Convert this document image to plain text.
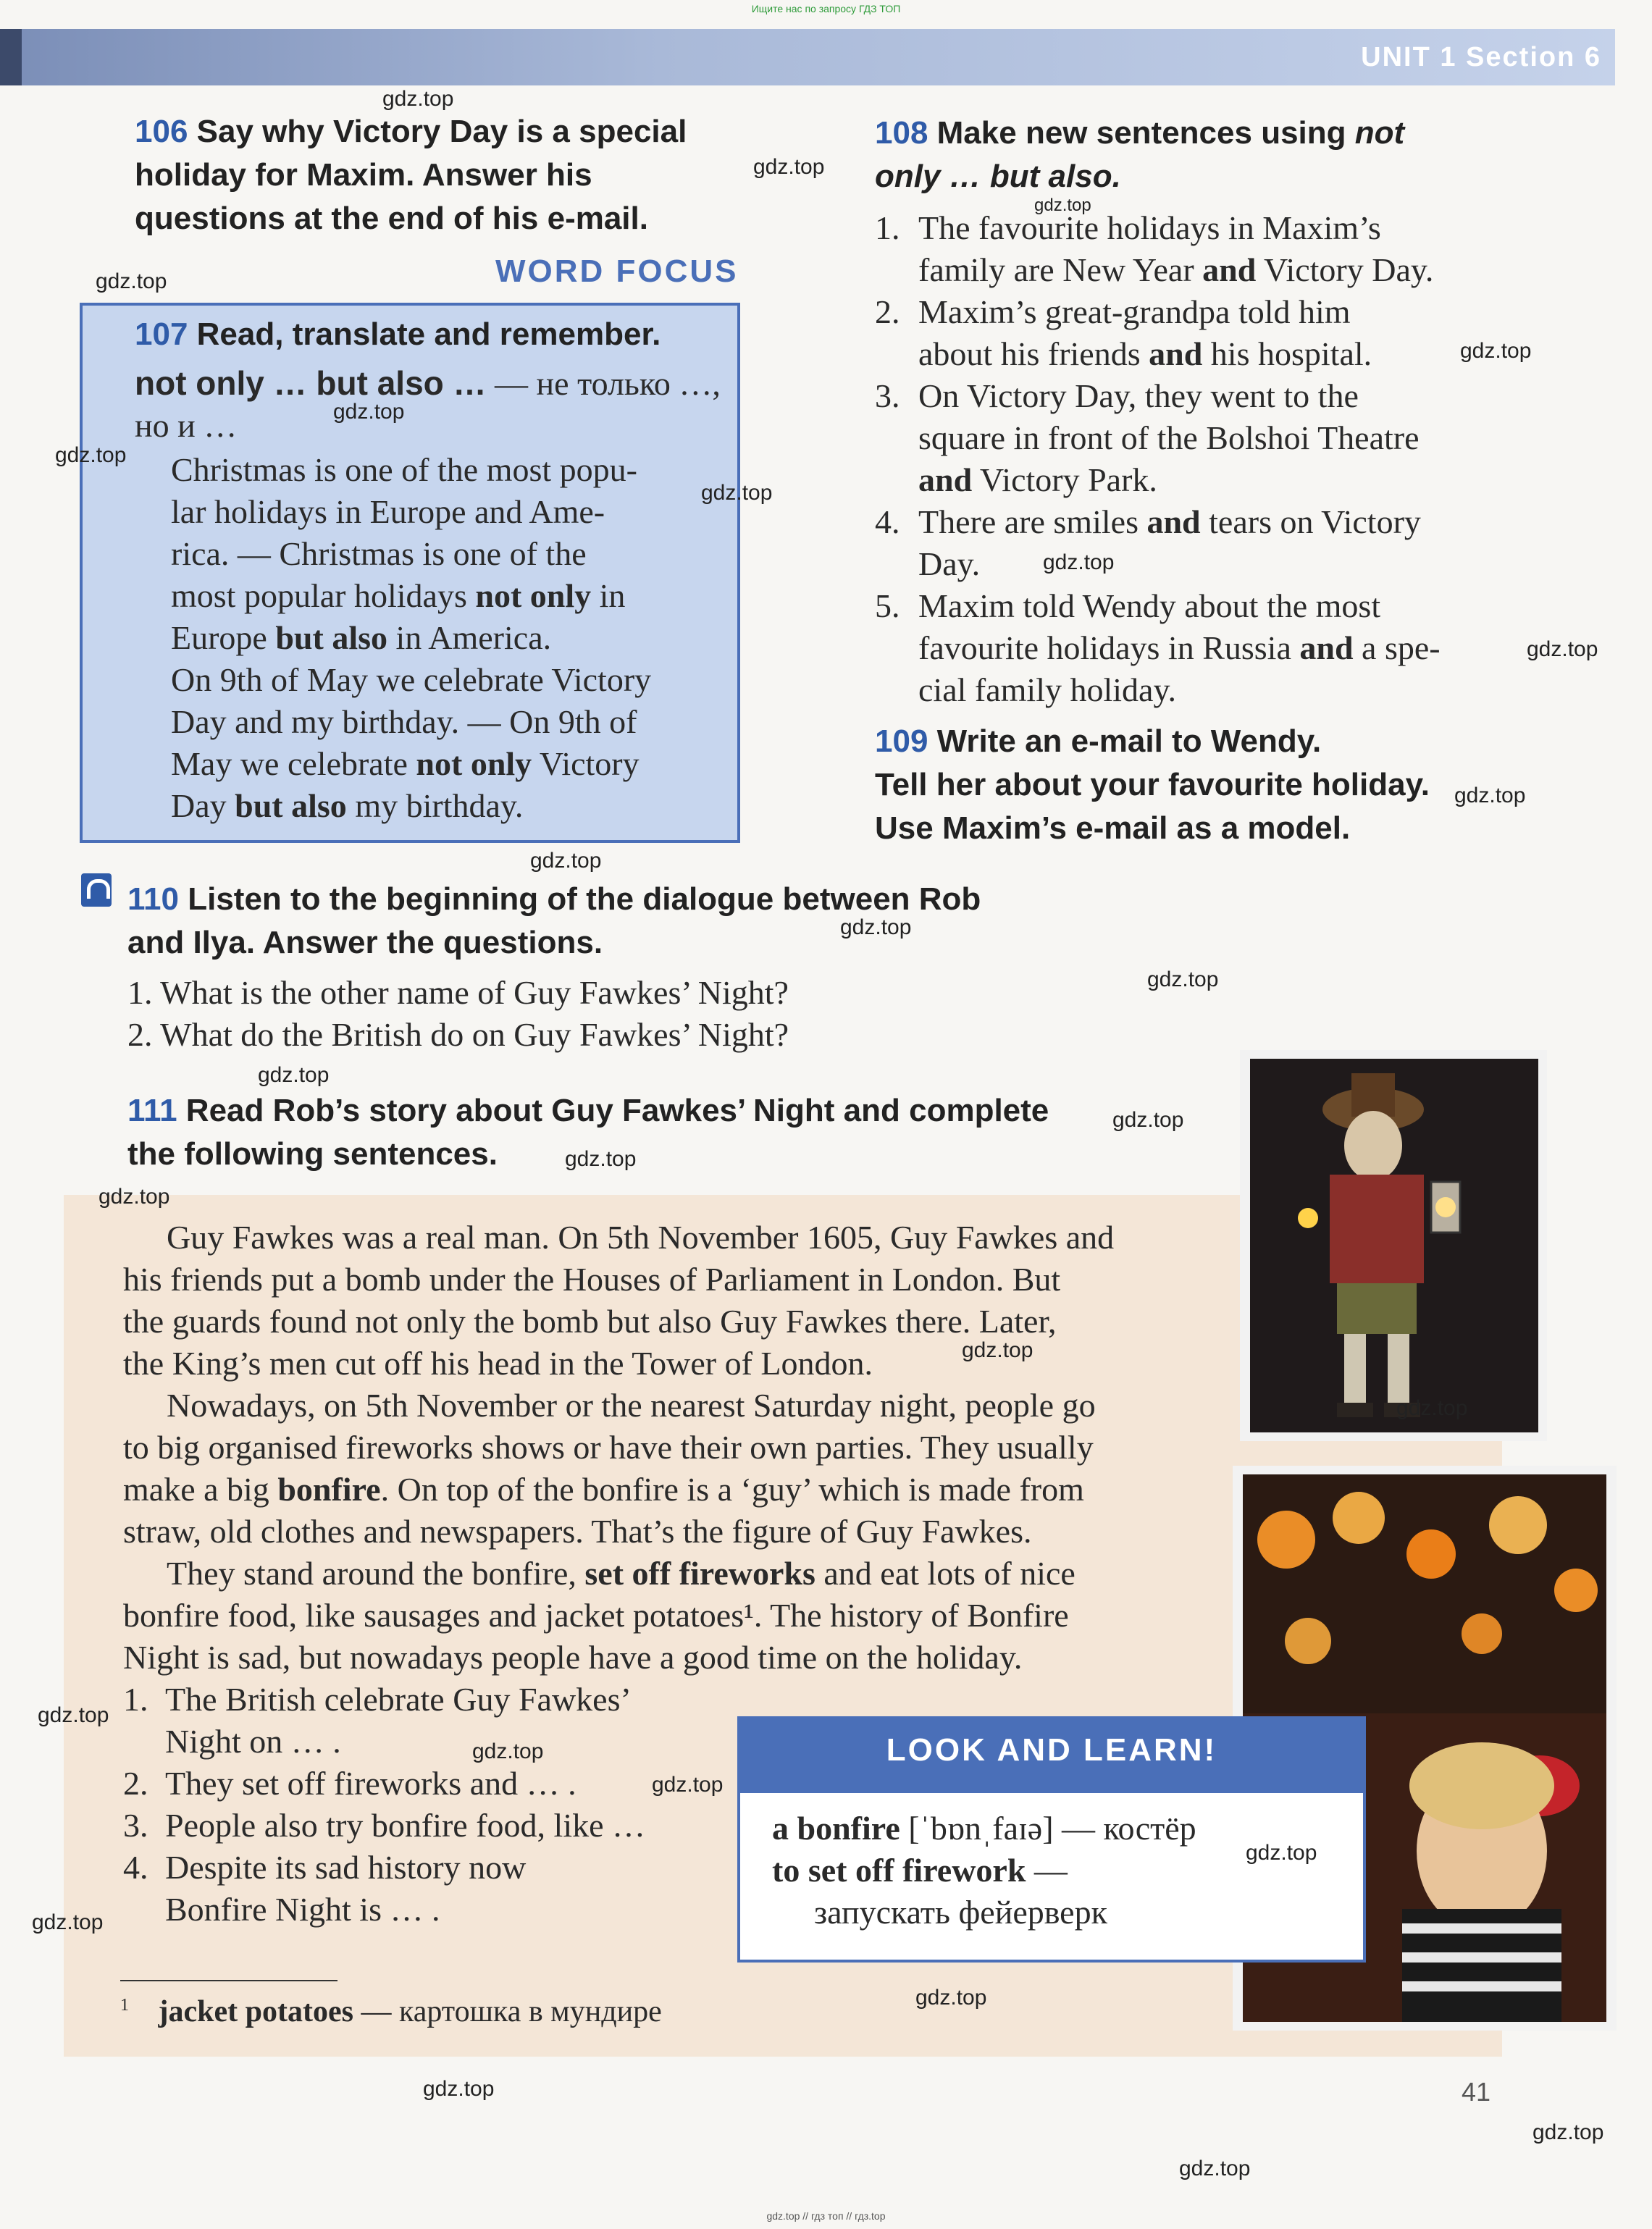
Ищите нас по запросу ГДЗ ТОП
UNIT 1 Section 6
106 Say why Victory Day is a special
holiday for Maxim. Answer his
questions at the end of his e-mail.
WORD FOCUS
107 Read, translate and remember.
not only … but also … — не только …,
но и …
Christmas is one of the most popu-
lar holidays in Europe and Ame-
rica. — Christmas is one of the
most popular holidays not only in
Europe but also in America.
On 9th of May we celebrate Victory
Day and my birthday. — On 9th of
May we celebrate not only Victory
Day but also my birthday.
108 Make new sentences using not
only … but also.
1. The favourite holidays in Maxim’s
family are New Year and Victory Day.
2. Maxim’s great-grandpa told him
about his friends and his hospital.
3. On Victory Day, they went to the
square in front of the Bolshoi Theatre
and Victory Park.
4. There are smiles and tears on Victory
Day.
5. Maxim told Wendy about the most
favourite holidays in Russia and a spe-
cial family holiday.
109 Write an e-mail to Wendy.
Tell her about your favourite holiday.
Use Maxim’s e-mail as a model.
110 Listen to the beginning of the dialogue between Rob
and Ilya. Answer the questions.
1. What is the other name of Guy Fawkes’ Night?
2. What do the British do on Guy Fawkes’ Night?
111 Read Rob’s story about Guy Fawkes’ Night and complete
the following sentences.
Guy Fawkes was a real man. On 5th November 1605, Guy Fawkes and
his friends put a bomb under the Houses of Parliament in London. But
the guards found not only the bomb but also Guy Fawkes there. Later,
the King’s men cut off his head in the Tower of London.
Nowadays, on 5th November or the nearest Saturday night, people go
to big organised fireworks shows or have their own parties. They usually
make a big bonfire. On top of the bonfire is a ‘guy’ which is made from
straw, old clothes and newspapers. That’s the figure of Guy Fawkes.
They stand around the bonfire, set off fireworks and eat lots of nice
bonfire food, like sausages and jacket potatoes¹. The history of Bonfire
Night is sad, but nowadays people have a good time on the holiday.
1. The British celebrate Guy Fawkes’
Night on … .
2. They set off fireworks and … .
3. People also try bonfire food, like …
4. Despite its sad history now
Bonfire Night is … .
LOOK AND LEARN!
a bonfire [ˈbɒnˌfaɪə] — костёр
to set off firework —
запускать фейерверк
$^1$ jacket potatoes — картошка в мундире
41
gdz.top
gdz.top
gdz.top
gdz.top
gdz.top
gdz.top
gdz.top
gdz.top
gdz.top
gdz.top
gdz.top
gdz.top
gdz.top
gdz.top
gdz.top
gdz.top
gdz.top
gdz.top
gdz.top
gdz.top
gdz.top
gdz.top
gdz.top
gdz.top
gdz.top
gdz.top
gdz.top
gdz.top
gdz.top
gdz.top // гдз топ // гдз.top
